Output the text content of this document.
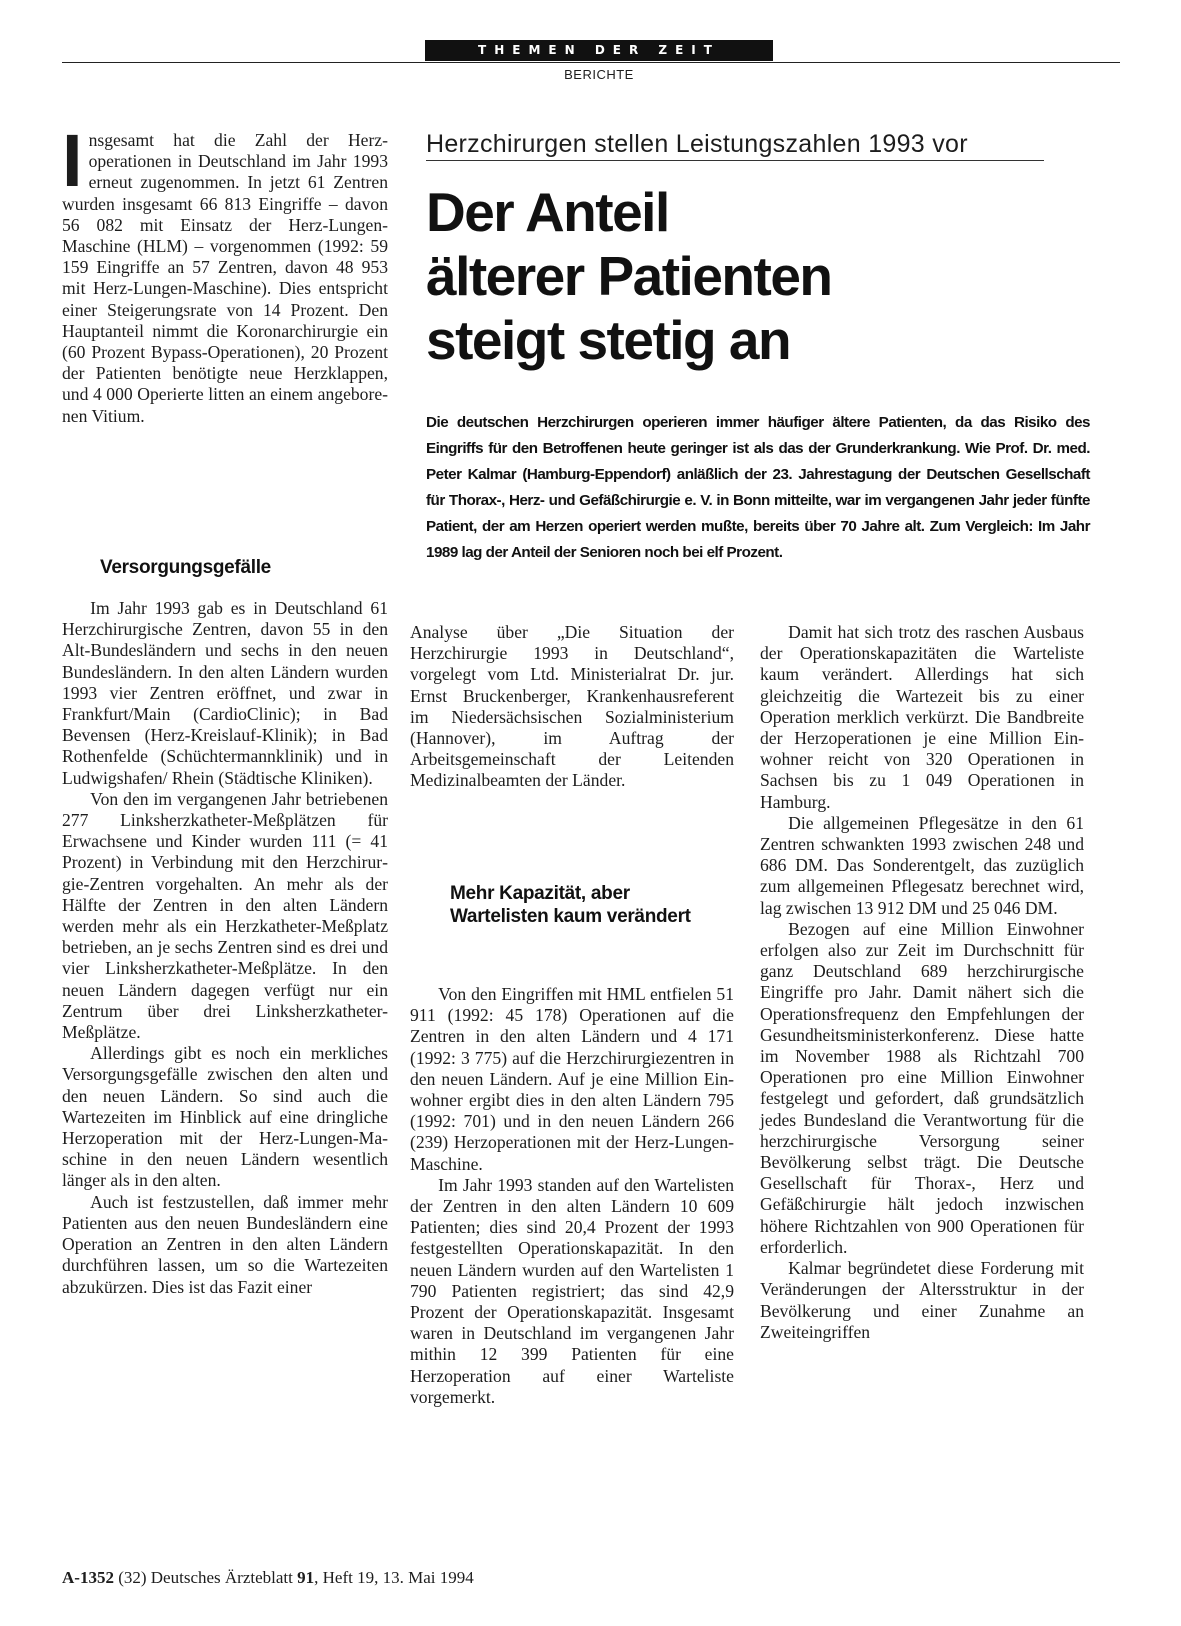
THEMEN DER ZEIT
BERICHTE

Insgesamt hat die Zahl der Herzoperationen in Deutschland im Jahr 1993 erneut zugenommen. In jetzt 61 Zentren wurden insgesamt 66 813 Eingriffe – davon 56 082 mit Einsatz der Herz-Lungen-Maschine (HLM) – vorgenommen (1992: 59 159 Eingriffe an 57 Zentren, davon 48 953 mit Herz-Lungen-Maschine). Dies entspricht einer Steigerungsrate von 14 Prozent. Den Hauptanteil nimmt die Koronarchirurgie ein (60 Prozent Bypass-Operationen), 20 Prozent der Patienten benötigte neue Herzklappen, und 4 000 Operierte litten an einem angeborenen Vitium.

Herzchirurgen stellen Leistungszahlen 1993 vor
Der Anteil
älterer Patienten
steigt stetig an
Die deutschen Herzchirurgen operieren immer häufiger ältere Patienten, da das Risiko des Eingriffs für den Betroffenen heute geringer ist als das der Grunderkrankung. Wie Prof. Dr. med. Peter Kalmar (Hamburg-Eppendorf) anläßlich der 23. Jahrestagung der Deutschen Gesellschaft für Thorax-, Herz- und Gefäßchirurgie e. V. in Bonn mitteilte, war im vergangenen Jahr jeder fünfte Patient, der am Herzen operiert werden mußte, bereits über 70 Jahre alt. Zum Vergleich: Im Jahr 1989 lag der Anteil der Senioren noch bei elf Prozent.
Versorgungsgefälle

Im Jahr 1993 gab es in Deutschland 61 Herzchirurgische Zentren, davon 55 in den Alt-Bundesländern und sechs in den neuen Bundesländern. In den alten Ländern wurden 1993 vier Zentren eröffnet, und zwar in Frankfurt/Main (CardioClinic); in Bad Bevensen (Herz-Kreislauf-Klinik); in Bad Rothenfelde (Schüchtermannklinik) und in Ludwigshafen/ Rhein (Städtische Kliniken).

Von den im vergangenen Jahr betriebenen 277 Linksherzkatheter-Meßplätzen für Erwachsene und Kinder wurden 111 (= 41 Prozent) in Verbindung mit den Herzchirurgie-Zentren vorgehalten. An mehr als der Hälfte der Zentren in den alten Ländern werden mehr als ein Herzkatheter-Meßplatz betrieben, an je sechs Zentren sind es drei und vier Linksherzkatheter-Meßplätze. In den neuen Ländern dagegen verfügt nur ein Zentrum über drei Linksherzkatheter-Meßplätze.

Allerdings gibt es noch ein merkliches Versorgungsgefälle zwischen den alten und den neuen Ländern. So sind auch die Wartezeiten im Hinblick auf eine dringliche Herzoperation mit der Herz-Lungen-Maschine in den neuen Ländern wesentlich länger als in den alten.

Auch ist festzustellen, daß immer mehr Patienten aus den neuen Bundesländern eine Operation an Zentren in den alten Ländern durchführen lassen, um so die Wartezeiten abzukürzen. Dies ist das Fazit einer

Analyse über „Die Situation der Herzchirurgie 1993 in Deutschland“, vorgelegt vom Ltd. Ministerialrat Dr. jur. Ernst Bruckenberger, Krankenhausreferent im Niedersächsischen Sozialministerium (Hannover), im Auftrag der Arbeitsgemeinschaft der Leitenden Medizinalbeamten der Länder.

Mehr Kapazität, aber Wartelisten kaum verändert

Von den Eingriffen mit HML entfielen 51 911 (1992: 45 178) Operationen auf die Zentren in den alten Ländern und 4 171 (1992: 3 775) auf die Herzchirurgiezentren in den neuen Ländern. Auf je eine Million Einwohner ergibt dies in den alten Ländern 795 (1992: 701) und in den neuen Ländern 266 (239) Herzoperationen mit der Herz-Lungen-Maschine.

Im Jahr 1993 standen auf den Wartelisten der Zentren in den alten Ländern 10 609 Patienten; dies sind 20,4 Prozent der 1993 festgestellten Operationskapazität. In den neuen Ländern wurden auf den Wartelisten 1 790 Patienten registriert; das sind 42,9 Prozent der Operationskapazität. Insgesamt waren in Deutschland im vergangenen Jahr mithin 12 399 Patienten für eine Herzoperation auf einer Warteliste vorgemerkt.

Damit hat sich trotz des raschen Ausbaus der Operationskapazitäten die Warteliste kaum verändert. Allerdings hat sich gleichzeitig die Wartezeit bis zu einer Operation merklich verkürzt. Die Bandbreite der Herzoperationen je eine Million Einwohner reicht von 320 Operationen in Sachsen bis zu 1 049 Operationen in Hamburg.

Die allgemeinen Pflegesätze in den 61 Zentren schwankten 1993 zwischen 248 und 686 DM. Das Sonderentgelt, das zuzüglich zum allgemeinen Pflegesatz berechnet wird, lag zwischen 13 912 DM und 25 046 DM.

Bezogen auf eine Million Einwohner erfolgen also zur Zeit im Durchschnitt für ganz Deutschland 689 herzchirurgische Eingriffe pro Jahr. Damit nähert sich die Operationsfrequenz den Empfehlungen der Gesundheitsministerkonferenz. Diese hatte im November 1988 als Richtzahl 700 Operationen pro eine Million Einwohner festgelegt und gefordert, daß grundsätzlich jedes Bundesland die Verantwortung für die herzchirurgische Versorgung seiner Bevölkerung selbst trägt. Die Deutsche Gesellschaft für Thorax-, Herz und Gefäßchirurgie hält jedoch inzwischen höhere Richtzahlen von 900 Operationen für erforderlich.

Kalmar begründetet diese Forderung mit Veränderungen der Altersstruktur in der Bevölkerung und einer Zunahme an Zweiteingriffen

A-1352 (32) Deutsches Ärzteblatt 91, Heft 19, 13. Mai 1994
